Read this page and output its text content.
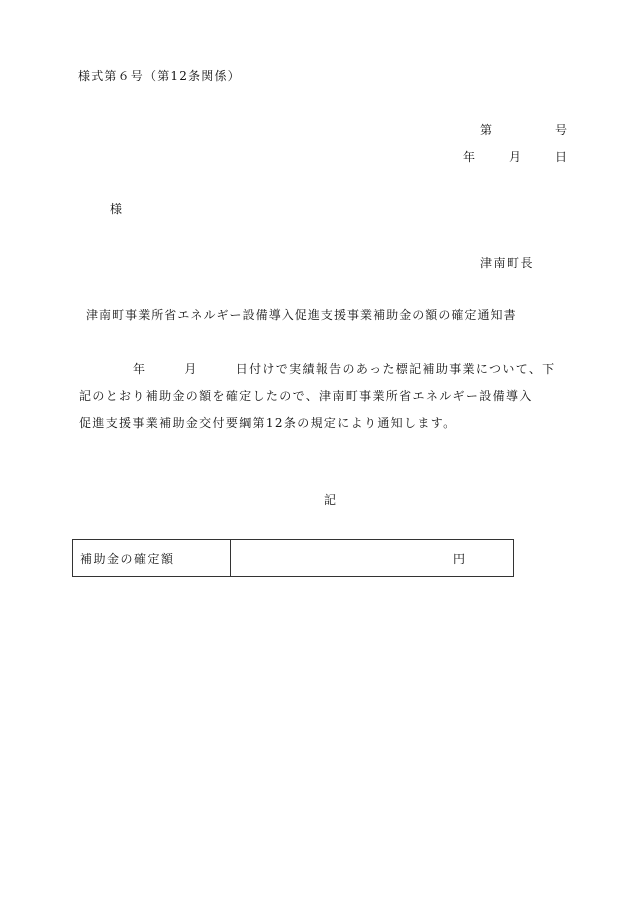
様式第６号（第12条関係）
第	号
年	月	日
様
津南町長
津南町事業所省エネルギー設備導入促進支援事業補助金の額の確定通知書
年	月	日付けで実績報告のあった標記補助事業について、下
記のとおり補助金の額を確定したので、津南町事業所省エネルギー設備導入
促進支援事業補助金交付要綱第12条の規定により通知します。
記
補助金の確定額	円
